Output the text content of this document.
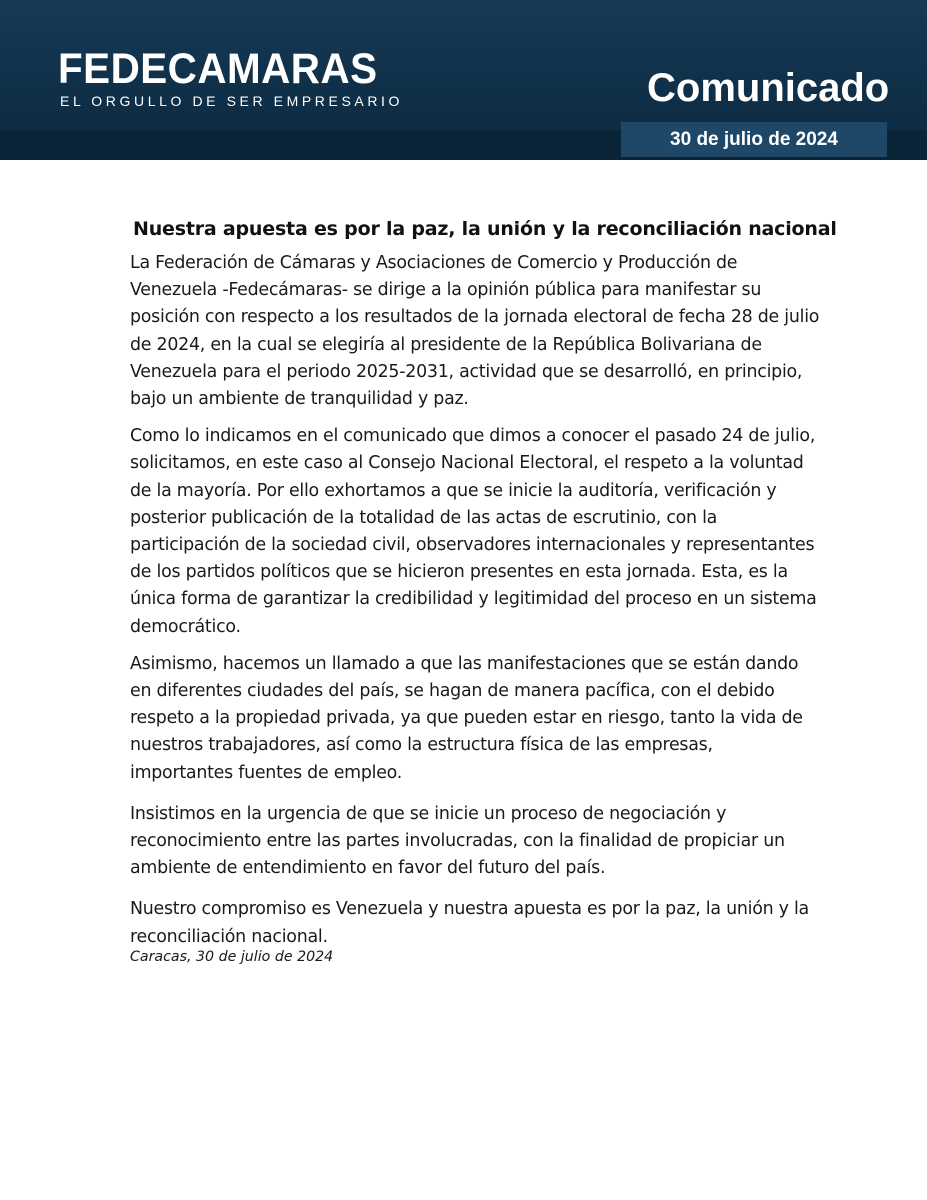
FEDECAMARAS
EL ORGULLO DE SER EMPRESARIO	Comunicado
30 de julio de 2024
Nuestra apuesta es por la paz, la unión y la reconciliación nacional

La Federación de Cámaras y Asociaciones de Comercio y Producción de Venezuela -Fedecámaras- se dirige a la opinión pública para manifestar su posición con respecto a los resultados de la jornada electoral de fecha 28 de julio de 2024, en la cual se elegiría al presidente de la República Bolivariana de Venezuela para el periodo 2025-2031, actividad que se desarrolló, en principio, bajo un ambiente de tranquilidad y paz.

Como lo indicamos en el comunicado que dimos a conocer el pasado 24 de julio, solicitamos, en este caso al Consejo Nacional Electoral, el respeto a la voluntad de la mayoría. Por ello exhortamos a que se inicie la auditoría, verificación y posterior publicación de la totalidad de las actas de escrutinio, con la participación de la sociedad civil, observadores internacionales y representantes de los partidos políticos que se hicieron presentes en esta jornada. Esta, es la única forma de garantizar la credibilidad y legitimidad del proceso en un sistema democrático.

Asimismo, hacemos un llamado a que las manifestaciones que se están dando en diferentes ciudades del país, se hagan de manera pacífica, con el debido respeto a la propiedad privada, ya que pueden estar en riesgo, tanto la vida de nuestros trabajadores, así como la estructura física de las empresas, importantes fuentes de empleo.

Insistimos en la urgencia de que se inicie un proceso de negociación y reconocimiento entre las partes involucradas, con la finalidad de propiciar un ambiente de entendimiento en favor del futuro del país.

Nuestro compromiso es Venezuela y nuestra apuesta es por la paz, la unión y la reconciliación nacional.

Caracas, 30 de julio de 2024
